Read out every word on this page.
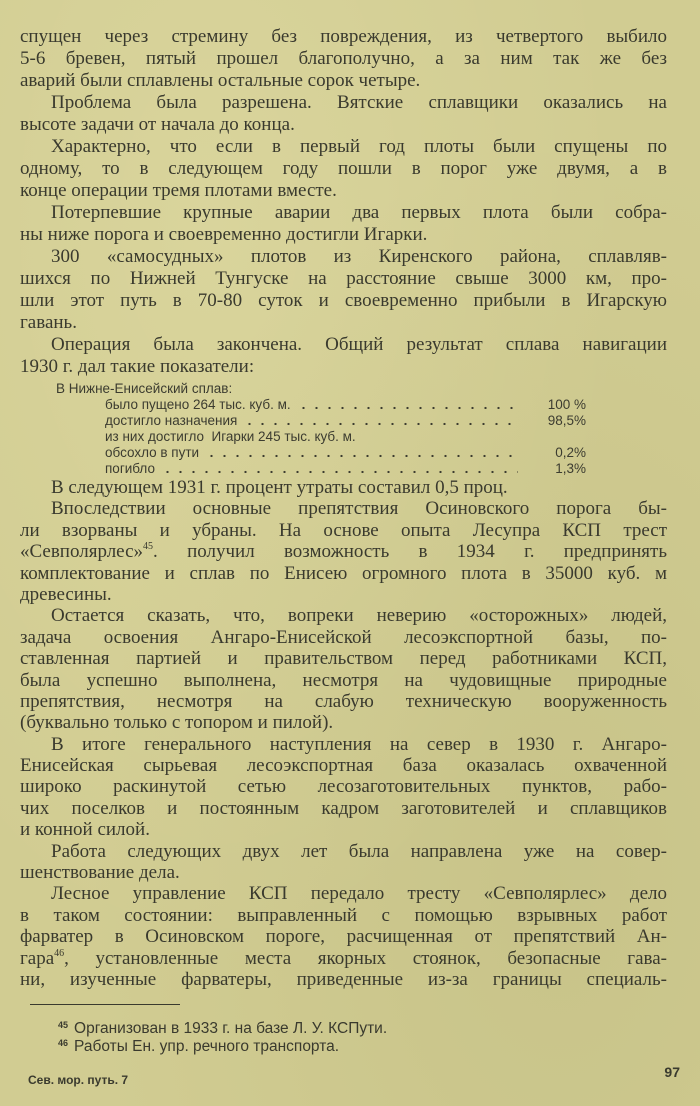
спущен через стремину без повреждения, из четвертого выбило
5-6 бревен, пятый прошел благополучно, а за ним так же без
аварий были сплавлены остальные сорок четыре.
Проблема была разрешена. Вятские сплавщики оказались на
высоте задачи от начала до конца.
Характерно, что если в первый год плоты были спущены по
одному, то в следующем году пошли в порог уже двумя, а в
конце операции тремя плотами вместе.
Потерпевшие крупные аварии два первых плота были собра-
ны ниже порога и своевременно достигли Игарки.
300 «самосудных» плотов из Киренского района, сплавляв-
шихся по Нижней Тунгуске на расстояние свыше 3000 км, про-
шли этот путь в 70-80 суток и своевременно прибыли в Игарскую
гавань.
Операция была закончена. Общий результат сплава навигации
1930 г. дал такие показатели:
В Нижне-Енисейский сплав:
было пущено 264 тыс. куб. м.	100 %
достигло назначения	98,5%
из них достигло  Игарки 245 тыс. куб. м.
обсохло в пути	0,2%
погибло	1,3%
В следующем 1931 г. процент утраты составил 0,5 проц.
Впоследствии основные препятствия Осиновского порога бы-
ли взорваны и убраны. На основе опыта Лесупра КСП трест
«Севполярлес»$^{45}$. получил возможность в 1934 г. предпринять
комплектование и сплав по Енисею огромного плота в 35000 куб. м
древесины.
Остается сказать, что, вопреки неверию «осторожных» людей,
задача освоения Ангаро-Енисейской лесоэкспортной базы, по-
ставленная партией и правительством перед работниками КСП,
была успешно выполнена, несмотря на чудовищные природные
препятствия, несмотря на слабую техническую вооруженность
(буквально только с топором и пилой).
В итоге генерального наступления на север в 1930 г. Ангаро-
Енисейская сырьевая лесоэкспортная база оказалась охваченной
широко раскинутой сетью лесозаготовительных пунктов, рабо-
чих поселков и постоянным кадром заготовителей и сплавщиков
и конной силой.
Работа следующих двух лет была направлена уже на совер-
шенствование дела.
Лесное управление КСП передало тресту «Севполярлес» дело
в таком состоянии: выправленный с помощью взрывных работ
фарватер в Осиновском пороге, расчищенная от препятствий Ан-
гара$^{46}$, установленные места якорных стоянок, безопасные гава-
ни, изученные фарватеры, приведенные из-за границы специаль-
$^{45}$ Организован в 1933 г. на базе Л. У. КСПути.
$^{46}$ Работы Ен. упр. речного транспорта.
Сев. мор. путь. 7	97
